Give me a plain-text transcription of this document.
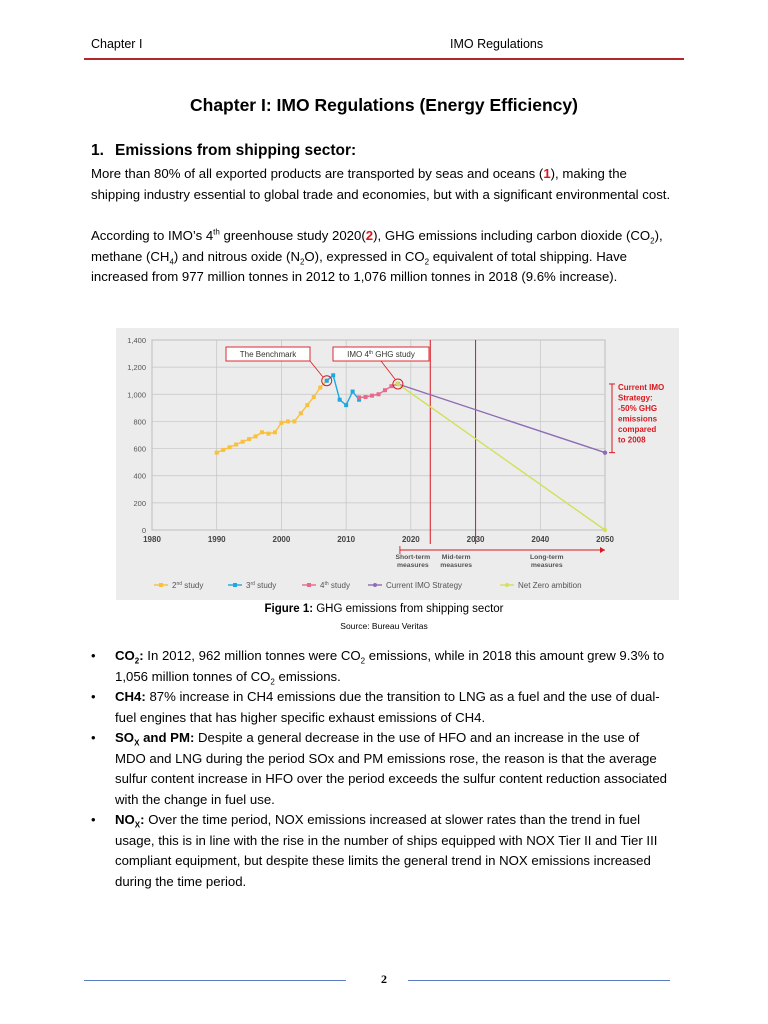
Chapter I	IMO Regulations
Chapter I: IMO Regulations (Energy Efficiency)
1. Emissions from shipping sector:
More than 80% of all exported products are transported by seas and oceans (1), making the shipping industry essential to global trade and economies, but with a significant environmental cost.
According to IMO’s 4th greenhouse study 2020(2), GHG emissions including carbon dioxide $(CO_2)$, methane $(CH_4)$ and nitrous oxide $(N_2O)$, expressed in $CO_2$ equivalent of total shipping. Have increased from 977 million tonnes in 2012 to 1,076 million tonnes in 2018 (9.6% increase).
0
200
400
600
800
1,000
1,200
1,400
1980	1990	2000	2010	2020	2030	2040	2050
The Benchmark	IMO 4th GHG study
Current IMO
Strategy:
-50% GHG
emissions
compared
to 2008
Short-term
measures
Mid-term
measures
Long-term
measures
2nd study	3rd study	4th study	Current IMO Strategy	Net Zero ambition
Figure 1: GHG emissions from shipping sector
Source: Bureau Veritas
• $CO_2$: In 2012, 962 million tonnes were $CO_2$ emissions, while in 2018 this amount grew 9.3% to 1,056 million tonnes of $CO_2$ emissions.
• CH4: 87% increase in CH4 emissions due the transition to LNG as a fuel and the use of dual-fuel engines that has higher specific exhaust emissions of CH4.
• $SO_X$ and PM: Despite a general decrease in the use of HFO and an increase in the use of MDO and LNG during the period SOx and PM emissions rose, the reason is that the average sulfur content increase in HFO over the period exceeds the sulfur content reduction associated with the change in fuel use.
• $NO_X$: Over the time period, NOX emissions increased at slower rates than the trend in fuel usage, this is in line with the rise in the number of ships equipped with NOX Tier II and Tier III compliant equipment, but despite these limits the general trend in NOX emissions increased during the time period.
2
